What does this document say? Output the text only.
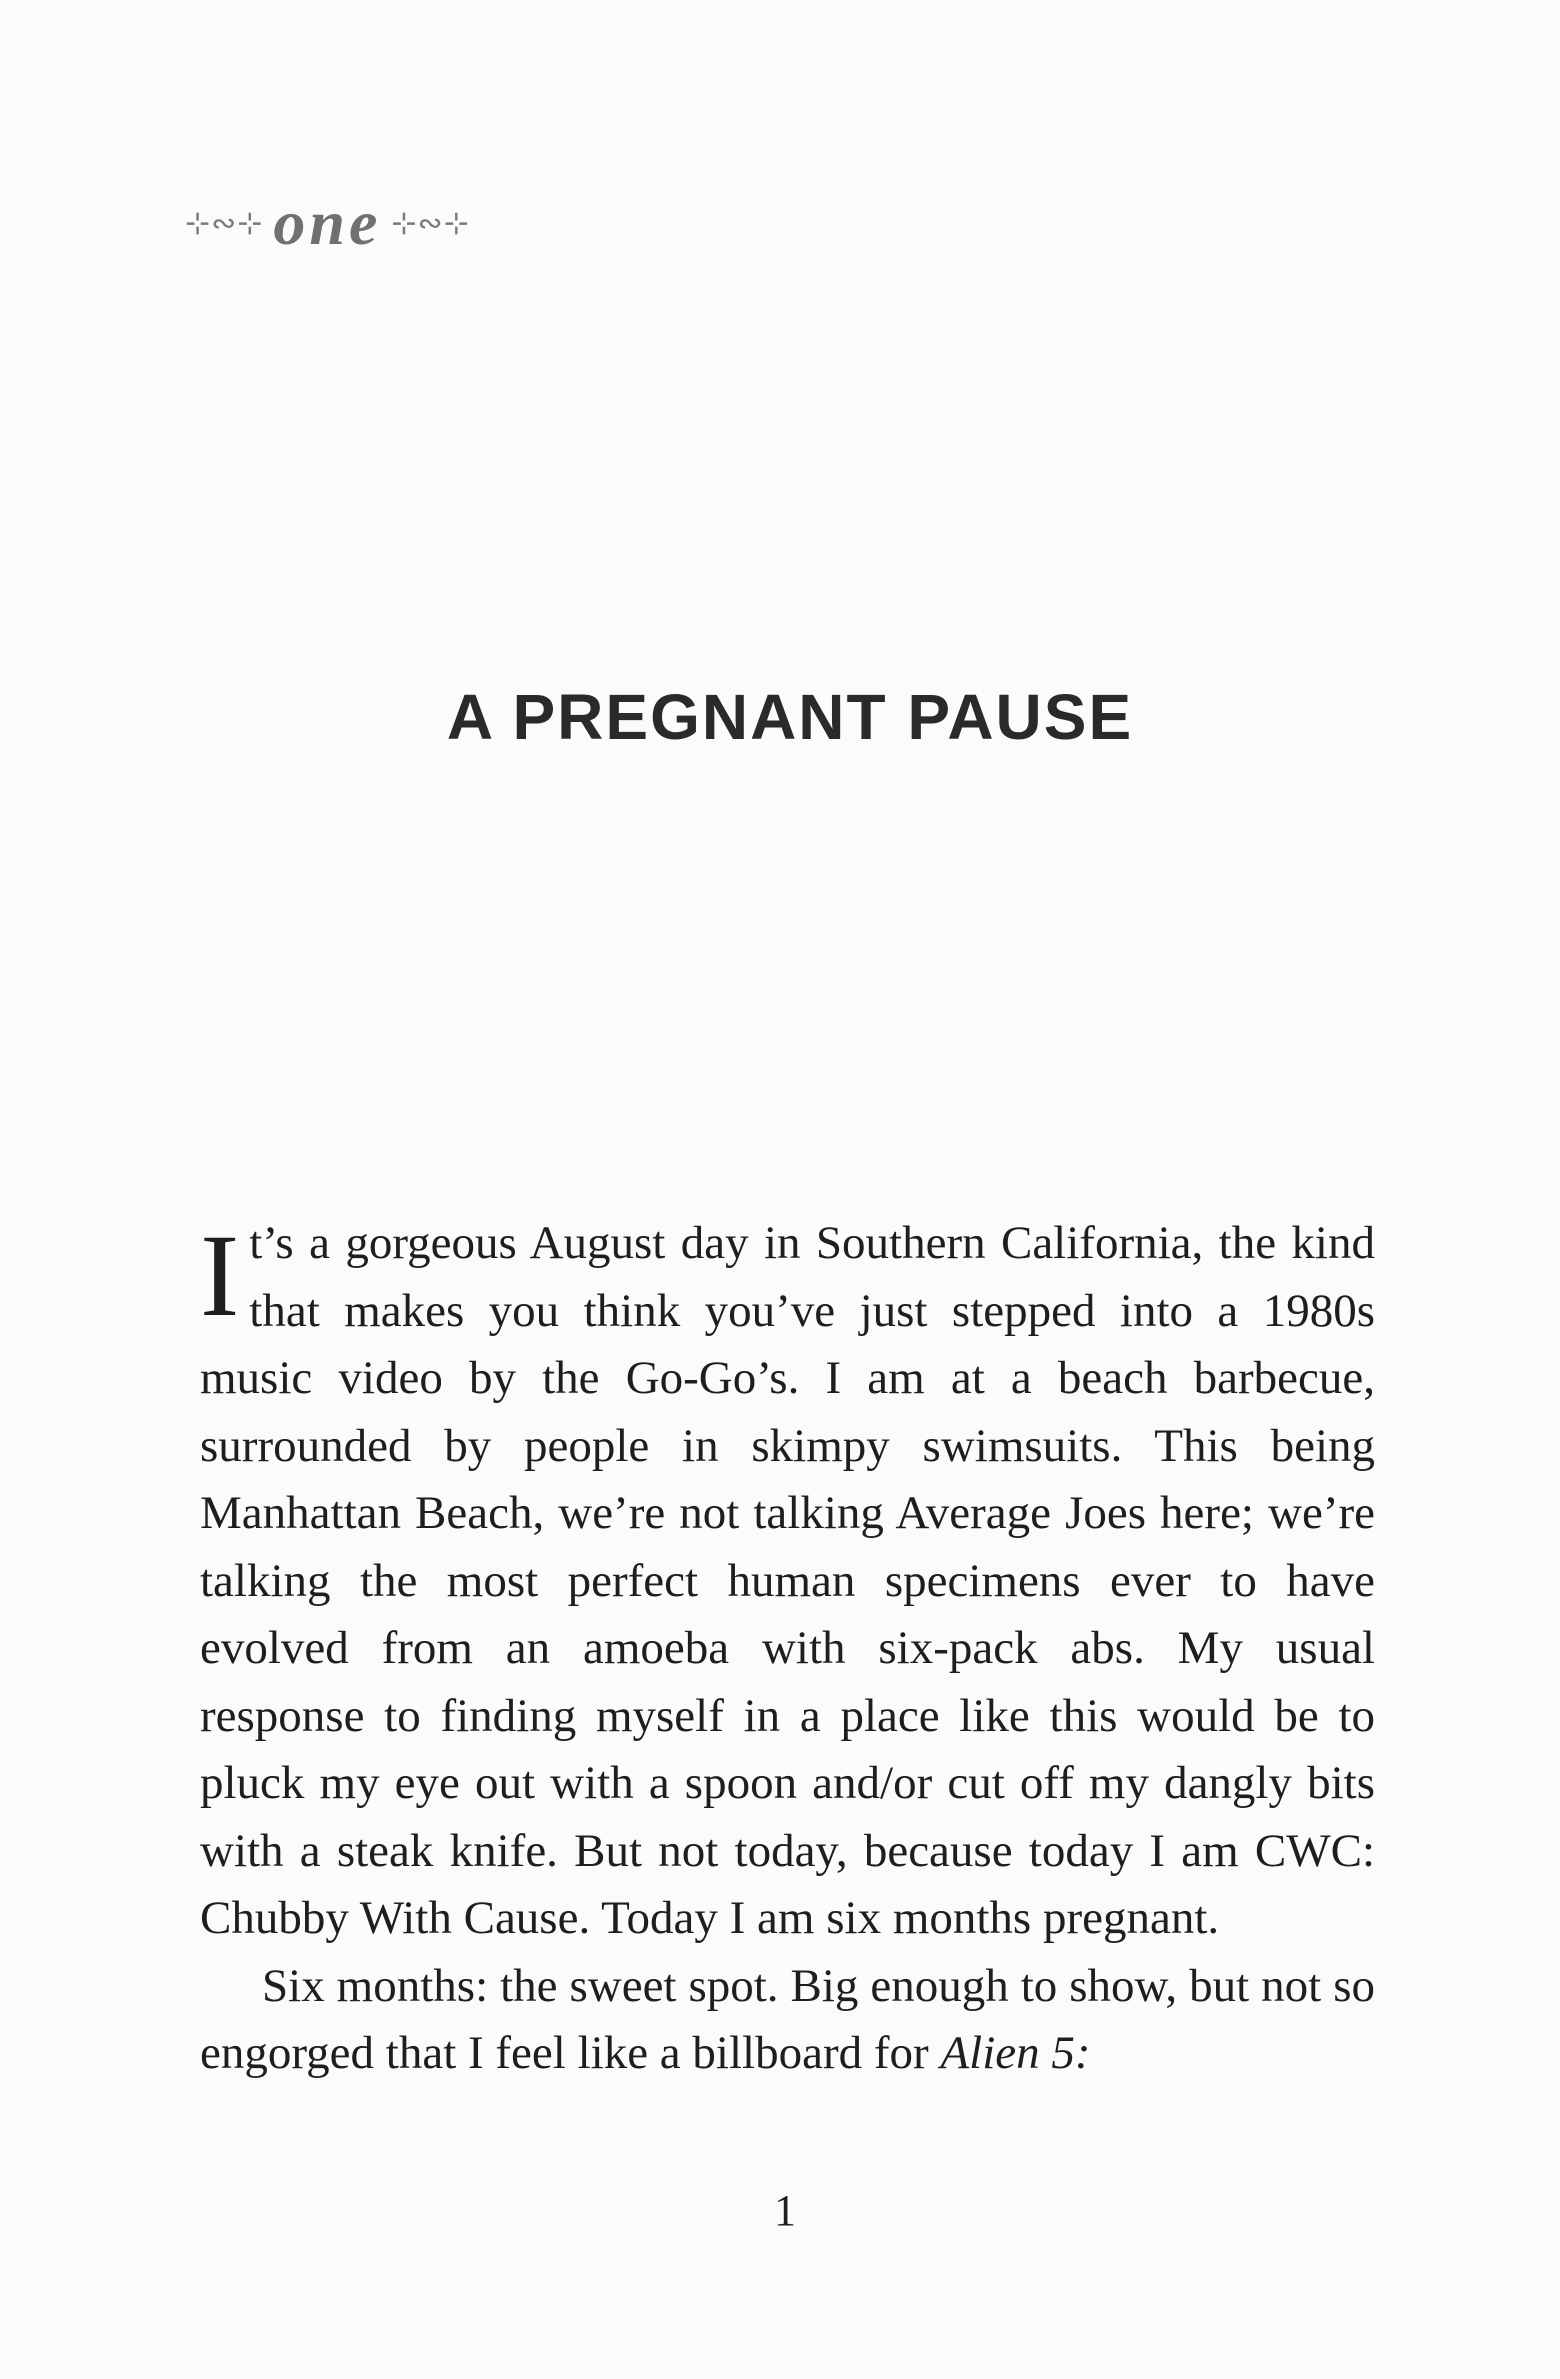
⊹∾⊹ one ⊹∾⊹
A PREGNANT PAUSE

It’s a gorgeous August day in Southern California, the kind that makes you think you’ve just stepped into a 1980s music video by the Go-Go’s. I am at a beach barbecue, surrounded by people in skimpy swimsuits. This being Manhattan Beach, we’re not talking Average Joes here; we’re talking the most perfect human specimens ever to have evolved from an amoeba with six-pack abs. My usual response to finding myself in a place like this would be to pluck my eye out with a spoon and/or cut off my dangly bits with a steak knife. But not today, because today I am CWC: Chubby With Cause. Today I am six months pregnant.

Six months: the sweet spot. Big enough to show, but not so engorged that I feel like a billboard for Alien 5:

1
